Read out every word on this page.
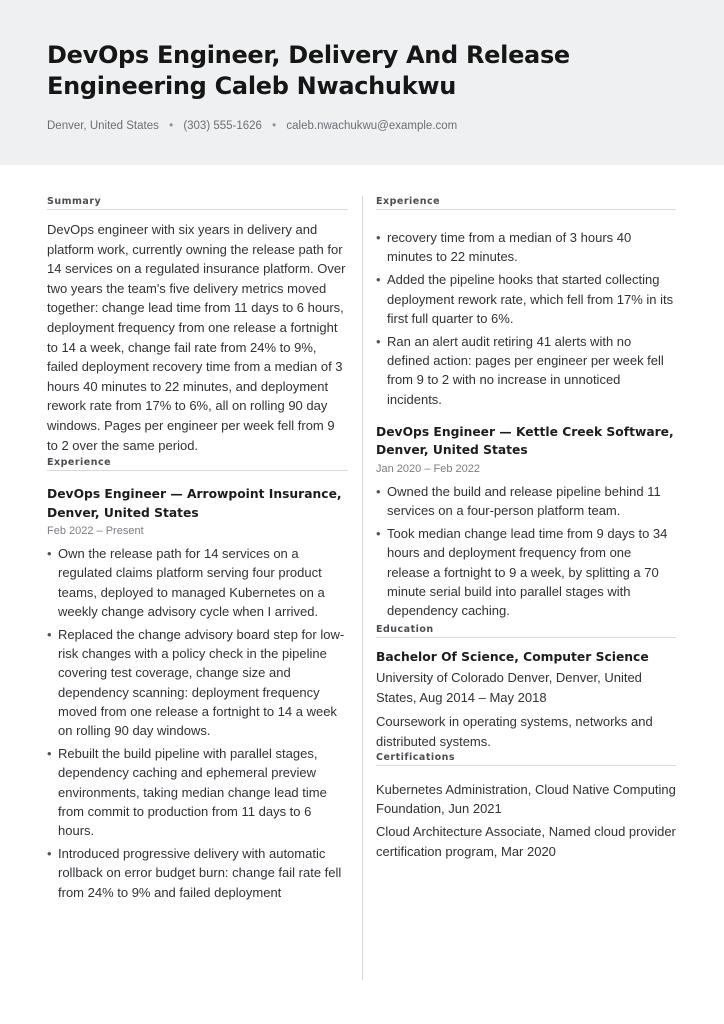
DevOps Engineer, Delivery And Release Engineering Caleb Nwachukwu
Denver, United States • (303) 555-1626 • caleb.nwachukwu@example.com
Summary

DevOps engineer with six years in delivery and platform work, currently owning the release path for 14 services on a regulated insurance platform. Over two years the team's five delivery metrics moved together: change lead time from 11 days to 6 hours, deployment frequency from one release a fortnight to 14 a week, change fail rate from 24% to 9%, failed deployment recovery time from a median of 3 hours 40 minutes to 22 minutes, and deployment rework rate from 17% to 6%, all on rolling 90 day windows. Pages per engineer per week fell from 9 to 2 over the same period.

Experience
DevOps Engineer — Arrowpoint Insurance, Denver, United States
Feb 2022 – Present
• Own the release path for 14 services on a regulated claims platform serving four product teams, deployed to managed Kubernetes on a weekly change advisory cycle when I arrived.
• Replaced the change advisory board step for low-risk changes with a policy check in the pipeline covering test coverage, change size and dependency scanning: deployment frequency moved from one release a fortnight to 14 a week on rolling 90 day windows.
• Rebuilt the build pipeline with parallel stages, dependency caching and ephemeral preview environments, taking median change lead time from commit to production from 11 days to 6 hours.
• Introduced progressive delivery with automatic rollback on error budget burn: change fail rate fell from 24% to 9% and failed deployment
Experience
• recovery time from a median of 3 hours 40 minutes to 22 minutes.
• Added the pipeline hooks that started collecting deployment rework rate, which fell from 17% in its first full quarter to 6%.
• Ran an alert audit retiring 41 alerts with no defined action: pages per engineer per week fell from 9 to 2 with no increase in unnoticed incidents.
DevOps Engineer — Kettle Creek Software, Denver, United States
Jan 2020 – Feb 2022
• Owned the build and release pipeline behind 11 services on a four-person platform team.
• Took median change lead time from 9 days to 34 hours and deployment frequency from one release a fortnight to 9 a week, by splitting a 70 minute serial build into parallel stages with dependency caching.
Education
Bachelor Of Science, Computer Science

University of Colorado Denver, Denver, United States, Aug 2014 – May 2018

Coursework in operating systems, networks and distributed systems.

Certifications
Kubernetes Administration, Cloud Native Computing Foundation, Jun 2021
Cloud Architecture Associate, Named cloud provider certification program, Mar 2020
